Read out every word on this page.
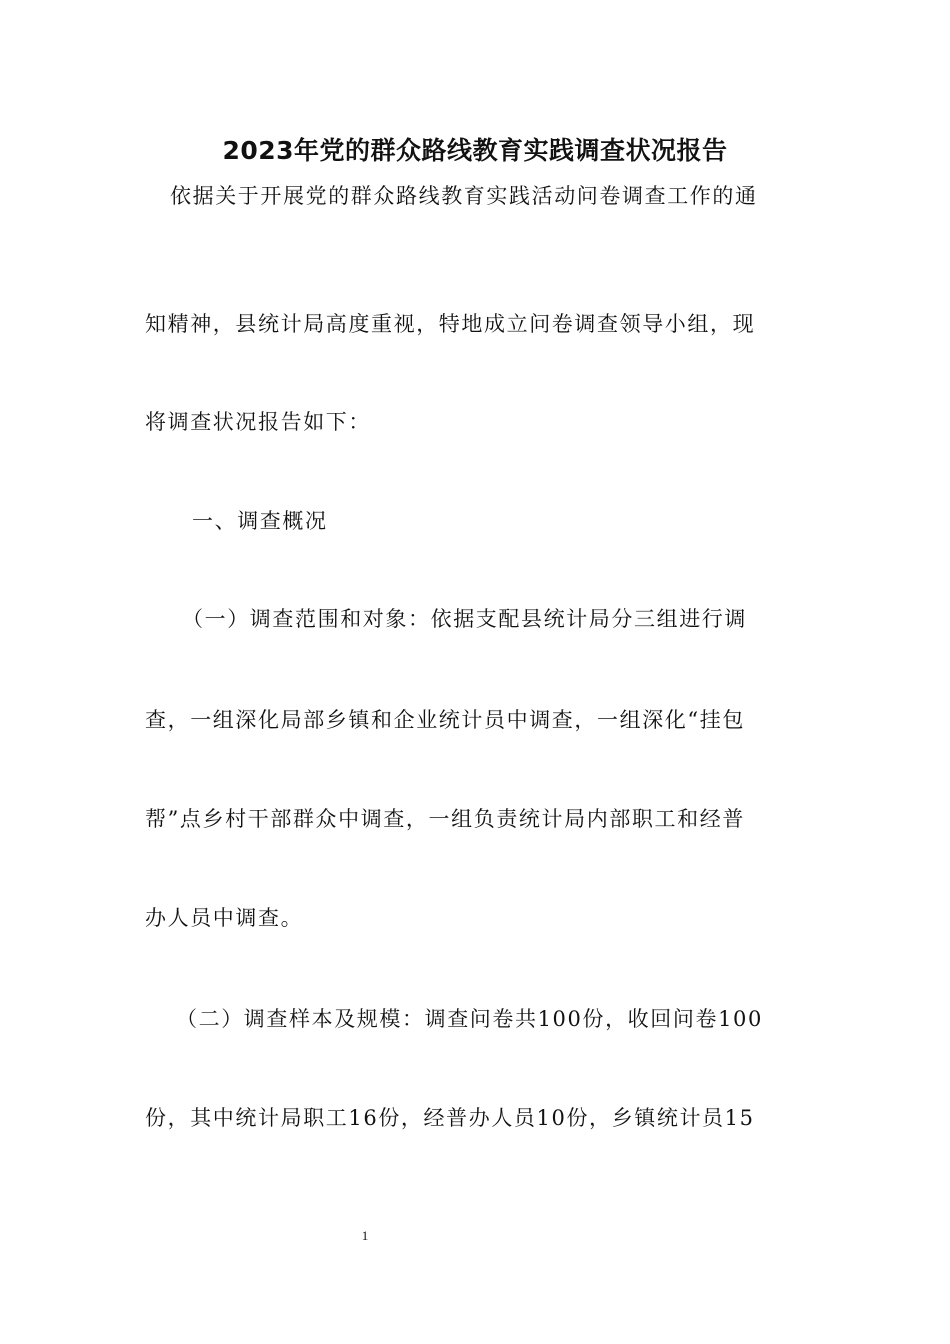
2023年党的群众路线教育实践调查状况报告

依据关于开展党的群众路线教育实践活动问卷调查工作的通

知精神，县统计局高度重视，特地成立问卷调查领导小组，现

将调查状况报告如下：

一、调查概况

（一）调查范围和对象：依据支配县统计局分三组进行调

查，一组深化局部乡镇和企业统计员中调查，一组深化“挂包

帮”点乡村干部群众中调查，一组负责统计局内部职工和经普

办人员中调查。

（二）调查样本及规模：调查问卷共100份，收回问卷100

份，其中统计局职工16份，经普办人员10份，乡镇统计员15

1
